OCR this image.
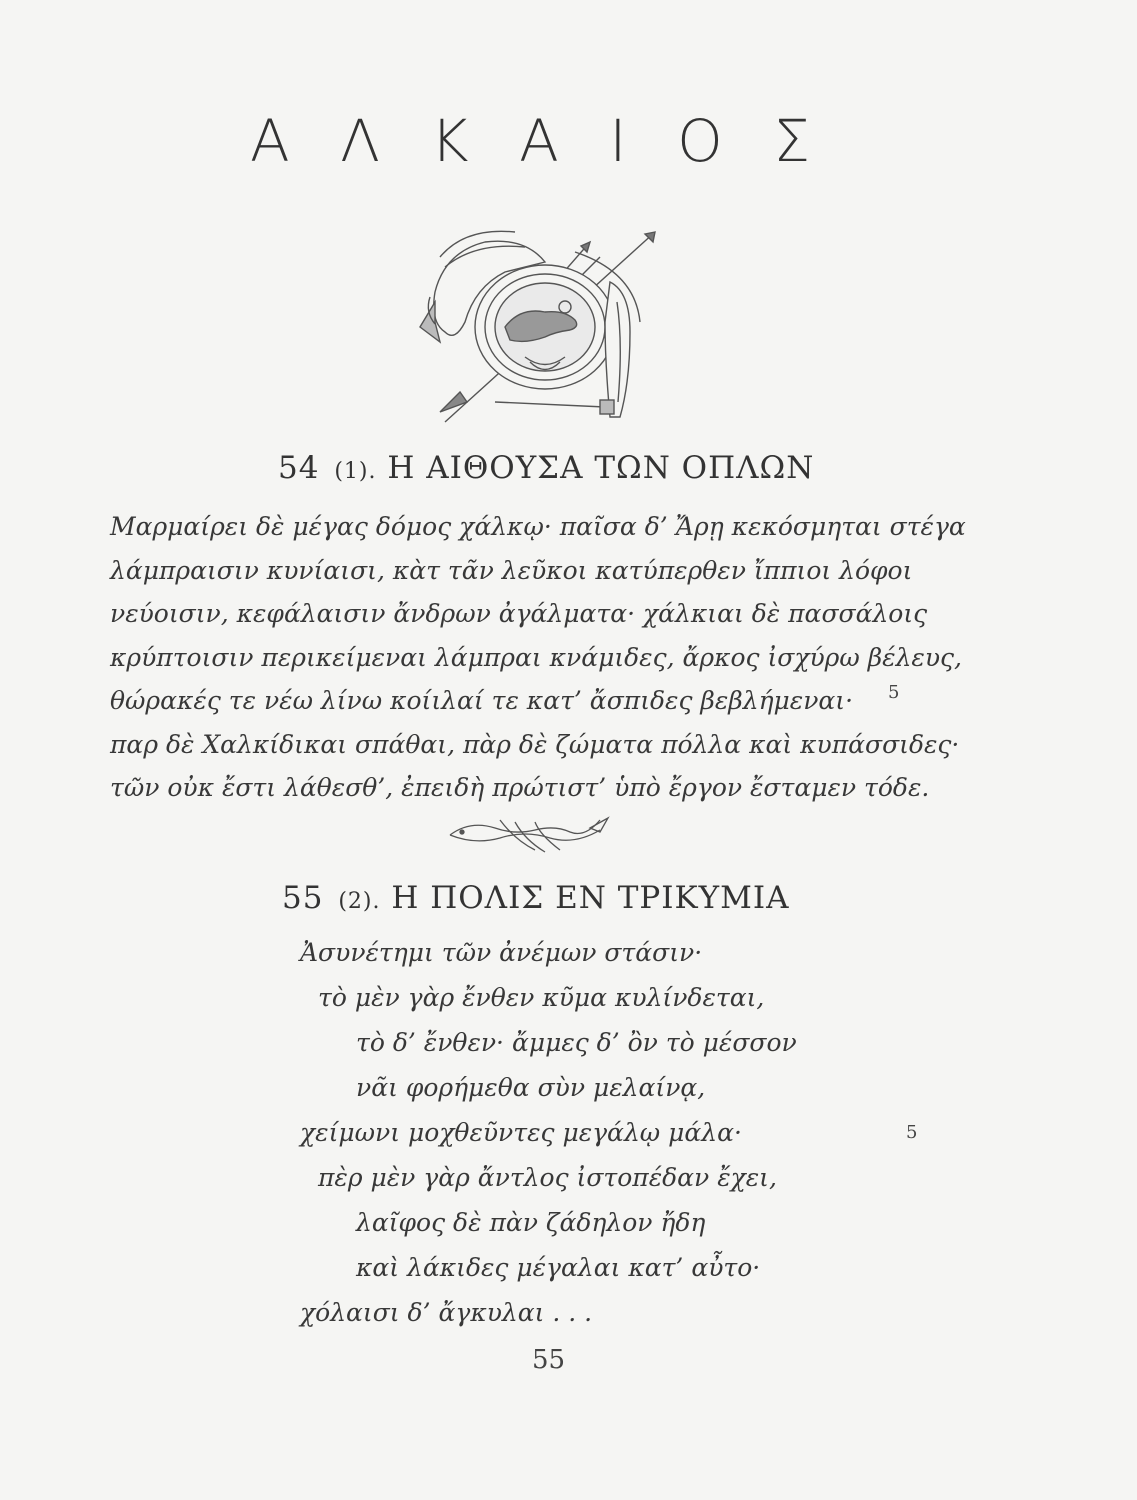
Α Λ Κ Α Ι Ο Σ
54 (1). Η ΑΙΘΟΥΣΑ ΤΩΝ ΟΠΛΩΝ
Μαρμαίρει δὲ μέγας δόμος χάλκῳ· παῖσα δ’ Ἄρῃ κεκόσμηται στέγα
λάμπραισιν κυνίαισι, κὰτ τᾶν λεῦκοι κατύπερθεν ἴππιοι λόφοι
νεύοισιν, κεφάλαισιν ἄνδρων ἀγάλματα· χάλκιαι δὲ πασσάλοις
κρύπτοισιν περικείμεναι λάμπραι κνάμιδες, ἄρκος ἰσχύρω βέλευς,
θώρακές τε νέω λίνω κοίιλαί τε κατ’ ἄσπιδες βεβλήμεναι· 5
παρ δὲ Χαλκίδικαι σπάθαι, πὰρ δὲ ζώματα πόλλα καὶ κυπάσσιδες·
τῶν οὐκ ἔστι λάθεσθ’, ἐπειδὴ πρώτιστ’ ὑπὸ ἔργον ἔσταμεν τόδε.
55 (2). Η ΠΟΛΙΣ ΕΝ ΤΡΙΚΥΜΙΑ
Ἀσυνέτημι τῶν ἀνέμων στάσιν·
τὸ μὲν γὰρ ἔνθεν κῦμα κυλίνδεται,
τὸ δ’ ἔνθεν· ἄμμες δ’ ὂν τὸ μέσσον
νᾶι φορήμεθα σὺν μελαίνᾳ,
χείμωνι μοχθεῦντες μεγάλῳ μάλα·	5
πὲρ μὲν γὰρ ἄντλος ἰστοπέδαν ἔχει,
λαῖφος δὲ πὰν ζάδηλον ἤδη
καὶ λάκιδες μέγαλαι κατ’ αὖτο·
χόλαισι δ’ ἄγκυλαι . . .
55
